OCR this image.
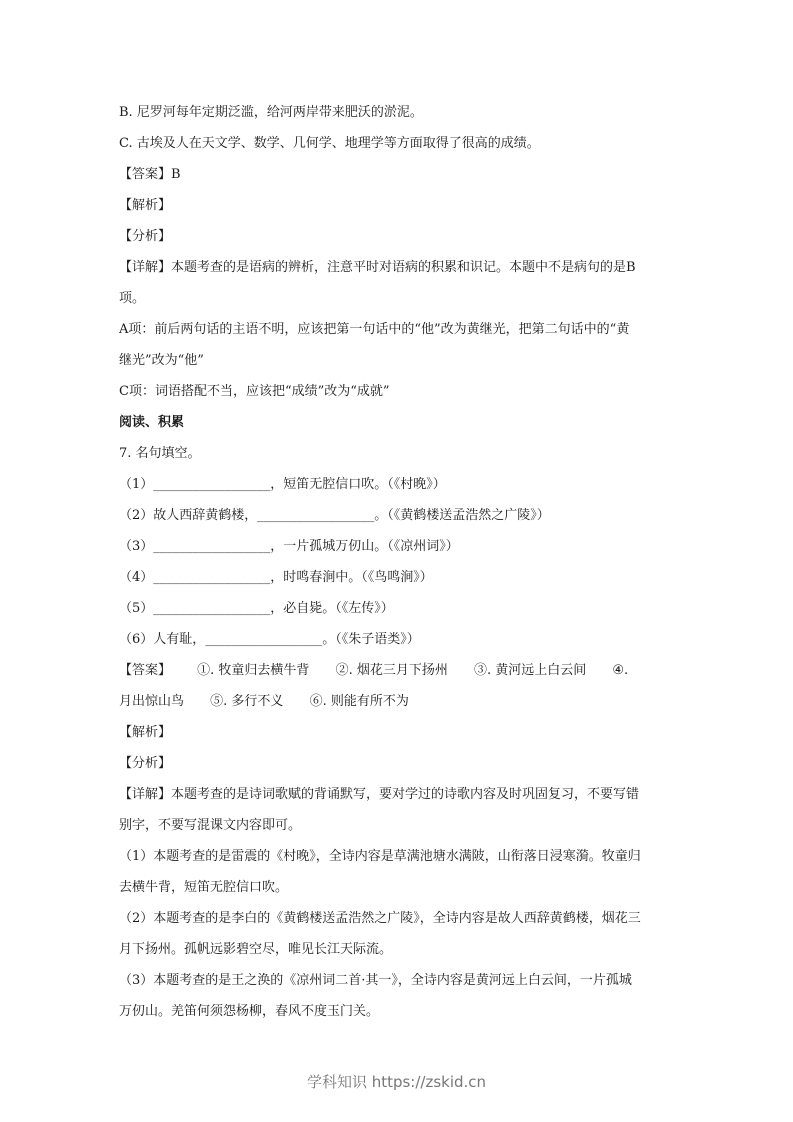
B. 尼罗河每年定期泛滥，给河两岸带来肥沃的淤泥。
C. 古埃及人在天文学、数学、几何学、地理学等方面取得了很高的成绩。
【答案】B
【解析】
【分析】
【详解】本题考查的是语病的辨析，注意平时对语病的积累和识记。本题中不是病句的是B
项。
A项：前后两句话的主语不明，应该把第一句话中的“他”改为黄继光，把第二句话中的“黄
继光”改为“他”
C项：词语搭配不当，应该把“成绩”改为“成就”
阅读、积累
7. 名句填空。
（1）__________________，短笛无腔信口吹。（《村晚》）
（2）故人西辞黄鹤楼，__________________。（《黄鹤楼送孟浩然之广陵》）
（3）__________________，一片孤城万仞山。（《凉州词》）
（4）__________________，时鸣春涧中。（《鸟鸣涧》）
（5）__________________，必自毙。（《左传》）
（6）人有耻，__________________。（《朱子语类》）
【答案】 ①. 牧童归去横牛背 ②. 烟花三月下扬州 ③. 黄河远上白云间 ④.
月出惊山鸟 ⑤. 多行不义 ⑥. 则能有所不为
【解析】
【分析】
【详解】本题考查的是诗词歌赋的背诵默写，要对学过的诗歌内容及时巩固复习，不要写错
别字，不要写混课文内容即可。
（1）本题考查的是雷震的《村晚》，全诗内容是草满池塘水满陂，山衔落日浸寒漪。牧童归
去横牛背，短笛无腔信口吹。
（2）本题考查的是李白的《黄鹤楼送孟浩然之广陵》，全诗内容是故人西辞黄鹤楼，烟花三
月下扬州。孤帆远影碧空尽，唯见长江天际流。
（3）本题考查的是王之涣的《凉州词二首·其一》，全诗内容是黄河远上白云间，一片孤城
万仞山。羌笛何须怨杨柳，春风不度玉门关。
学科知识 https://zskid.cn
